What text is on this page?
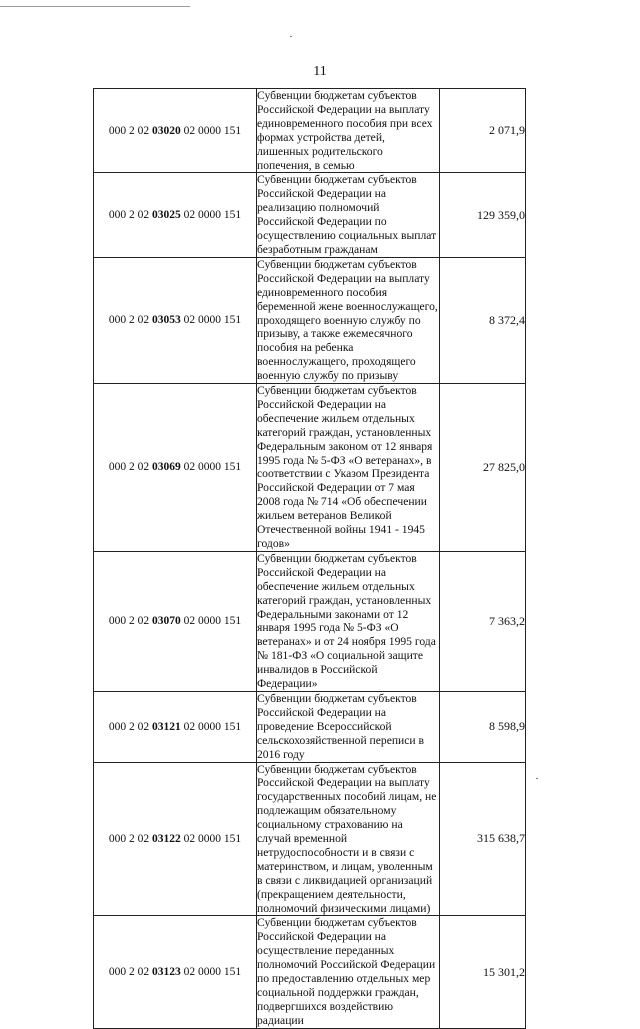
11
000 2 02 03020 02 0000 151	Субвенции бюджетам субъектов Российской Федерации на выплату единовременного пособия при всех формах устройства детей, лишенных родительского попечения, в семью	2 071,9
000 2 02 03025 02 0000 151	Субвенции бюджетам субъектов Российской Федерации на реализацию полномочий Российской Федерации по осуществлению социальных выплат безработным гражданам	129 359,0
000 2 02 03053 02 0000 151	Субвенции бюджетам субъектов Российской Федерации на выплату единовременного пособия беременной жене военнослужащего, проходящего военную службу по призыву, а также ежемесячного пособия на ребенка военнослужащего, проходящего военную службу по призыву	8 372,4
000 2 02 03069 02 0000 151	Субвенции бюджетам субъектов Российской Федерации на обеспечение жильем отдельных категорий граждан, установленных Федеральным законом от 12 января 1995 года № 5-ФЗ «О ветеранах», в соответствии с Указом Президента Российской Федерации от 7 мая 2008 года № 714 «Об обеспечении жильем ветеранов Великой Отечественной войны 1941 - 1945 годов»	27 825,0
000 2 02 03070 02 0000 151	Субвенции бюджетам субъектов Российской Федерации на обеспечение жильем отдельных категорий граждан, установленных Федеральными законами от 12 января 1995 года № 5-ФЗ «О ветеранах» и от 24 ноября 1995 года № 181-ФЗ «О социальной защите инвалидов в Российской Федерации»	7 363,2
000 2 02 03121 02 0000 151	Субвенции бюджетам субъектов Российской Федерации на проведение Всероссийской сельскохозяйственной переписи в 2016 году	8 598,9
000 2 02 03122 02 0000 151	Субвенции бюджетам субъектов Российской Федерации на выплату государственных пособий лицам, не подлежащим обязательному социальному страхованию на случай временной нетрудоспособности и в связи с материнством, и лицам, уволенным в связи с ликвидацией организаций (прекращением деятельности, полномочий физическими лицами)	315 638,7
000 2 02 03123 02 0000 151	Субвенции бюджетам субъектов Российской Федерации на осуществление переданных полномочий Российской Федерации по предоставлению отдельных мер социальной поддержки граждан, подвергшихся воздействию радиации	15 301,2
